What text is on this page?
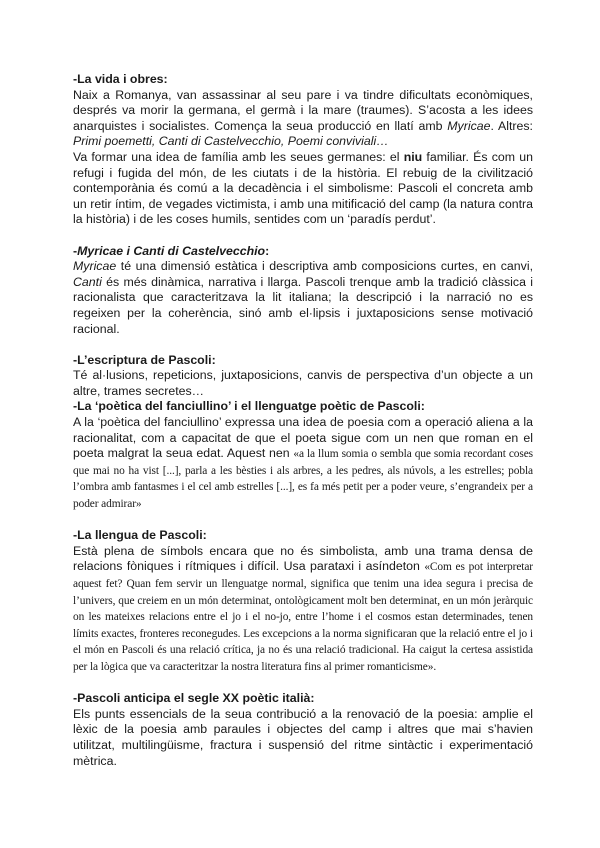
-La vida i obres:

Naix a Romanya, van assassinar al seu pare i va tindre dificultats econòmiques, després va morir la germana, el germà i la mare (traumes). S’acosta a les idees anarquistes i socialistes. Comença la seua producció en llatí amb Myricae. Altres: Primi poemetti, Canti di Castelvecchio, Poemi conviviali…

Va formar una idea de família amb les seues germanes: el niu familiar. És com un refugi i fugida del món, de les ciutats i de la història. El rebuig de la civilització contemporània és comú a la decadència i el simbolisme: Pascoli el concreta amb un retir íntim, de vegades victimista, i amb una mitificació del camp (la natura contra la història) i de les coses humils, sentides com un ‘paradís perdut’.

-Myricae i Canti di Castelvecchio:

Myricae té una dimensió estàtica i descriptiva amb composicions curtes, en canvi, Canti és més dinàmica, narrativa i llarga. Pascoli trenque amb la tradició clàssica i racionalista que caracteritzava la lit italiana; la descripció i la narració no es regeixen per la coherència, sinó amb el·lipsis i juxtaposicions sense motivació racional.

-L’escriptura de Pascoli:

Té al·lusions, repeticions, juxtaposicions, canvis de perspectiva d’un objecte a un altre, trames secretes…

-La ‘poètica del fanciullino’ i el llenguatge poètic de Pascoli:

A la ‘poètica del fanciullino’ expressa una idea de poesia com a operació aliena a la racionalitat, com a capacitat de que el poeta sigue com un nen que roman en el poeta malgrat la seua edat. Aquest nen «a la llum somia o sembla que somia recordant coses que mai no ha vist [...], parla a les bèsties i als arbres, a les pedres, als núvols, a les estrelles; pobla l’ombra amb fantasmes i el cel amb estrelles [...], es fa més petit per a poder veure, s’engrandeix per a poder admirar»

-La llengua de Pascoli:

Està plena de símbols encara que no és simbolista, amb una trama densa de relacions fòniques i rítmiques i difícil. Usa parataxi i asíndeton «Com es pot interpretar aquest fet? Quan fem servir un llenguatge normal, significa que tenim una idea segura i precisa de l’univers, que creiem en un món determinat, ontològicament molt ben determinat, en un món jeràrquic on les mateixes relacions entre el jo i el no-jo, entre l’home i el cosmos estan determinades, tenen límits exactes, fronteres reconegudes. Les excepcions a la norma significaran que la relació entre el jo i el món en Pascoli és una relació crítica, ja no és una relació tradicional. Ha caigut la certesa assistida per la lògica que va caracteritzar la nostra literatura fins al primer romanticisme».

-Pascoli anticipa el segle XX poètic italià:

Els punts essencials de la seua contribució a la renovació de la poesia: amplie el lèxic de la poesia amb paraules i objectes del camp i altres que mai s’havien utilitzat, multilingüisme, fractura i suspensió del ritme sintàctic i experimentació mètrica.
